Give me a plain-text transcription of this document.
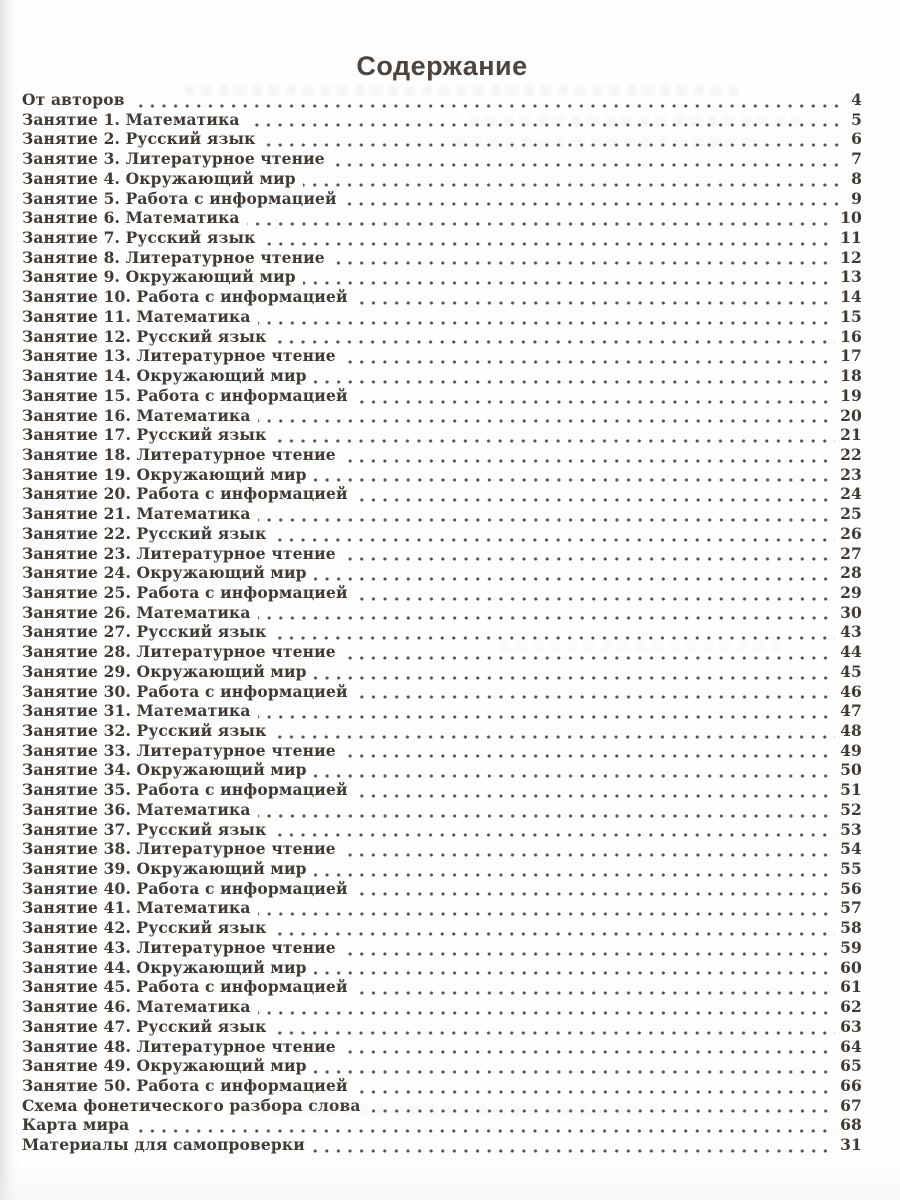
Содержание
От авторов	4
Занятие 1. Математика	5
Занятие 2. Русский язык	6
Занятие 3. Литературное чтение	7
Занятие 4. Окружающий мир	8
Занятие 5. Работа с информацией	9
Занятие 6. Математика	10
Занятие 7. Русский язык	11
Занятие 8. Литературное чтение	12
Занятие 9. Окружающий мир	13
Занятие 10. Работа с информацией	14
Занятие 11. Математика	15
Занятие 12. Русский язык	16
Занятие 13. Литературное чтение	17
Занятие 14. Окружающий мир	18
Занятие 15. Работа с информацией	19
Занятие 16. Математика	20
Занятие 17. Русский язык	21
Занятие 18. Литературное чтение	22
Занятие 19. Окружающий мир	23
Занятие 20. Работа с информацией	24
Занятие 21. Математика	25
Занятие 22. Русский язык	26
Занятие 23. Литературное чтение	27
Занятие 24. Окружающий мир	28
Занятие 25. Работа с информацией	29
Занятие 26. Математика	30
Занятие 27. Русский язык	43
Занятие 28. Литературное чтение	44
Занятие 29. Окружающий мир	45
Занятие 30. Работа с информацией	46
Занятие 31. Математика	47
Занятие 32. Русский язык	48
Занятие 33. Литературное чтение	49
Занятие 34. Окружающий мир	50
Занятие 35. Работа с информацией	51
Занятие 36. Математика	52
Занятие 37. Русский язык	53
Занятие 38. Литературное чтение	54
Занятие 39. Окружающий мир	55
Занятие 40. Работа с информацией	56
Занятие 41. Математика	57
Занятие 42. Русский язык	58
Занятие 43. Литературное чтение	59
Занятие 44. Окружающий мир	60
Занятие 45. Работа с информацией	61
Занятие 46. Математика	62
Занятие 47. Русский язык	63
Занятие 48. Литературное чтение	64
Занятие 49. Окружающий мир	65
Занятие 50. Работа с информацией	66
Схема фонетического разбора слова	67
Карта мира	68
Материалы для самопроверки	31
